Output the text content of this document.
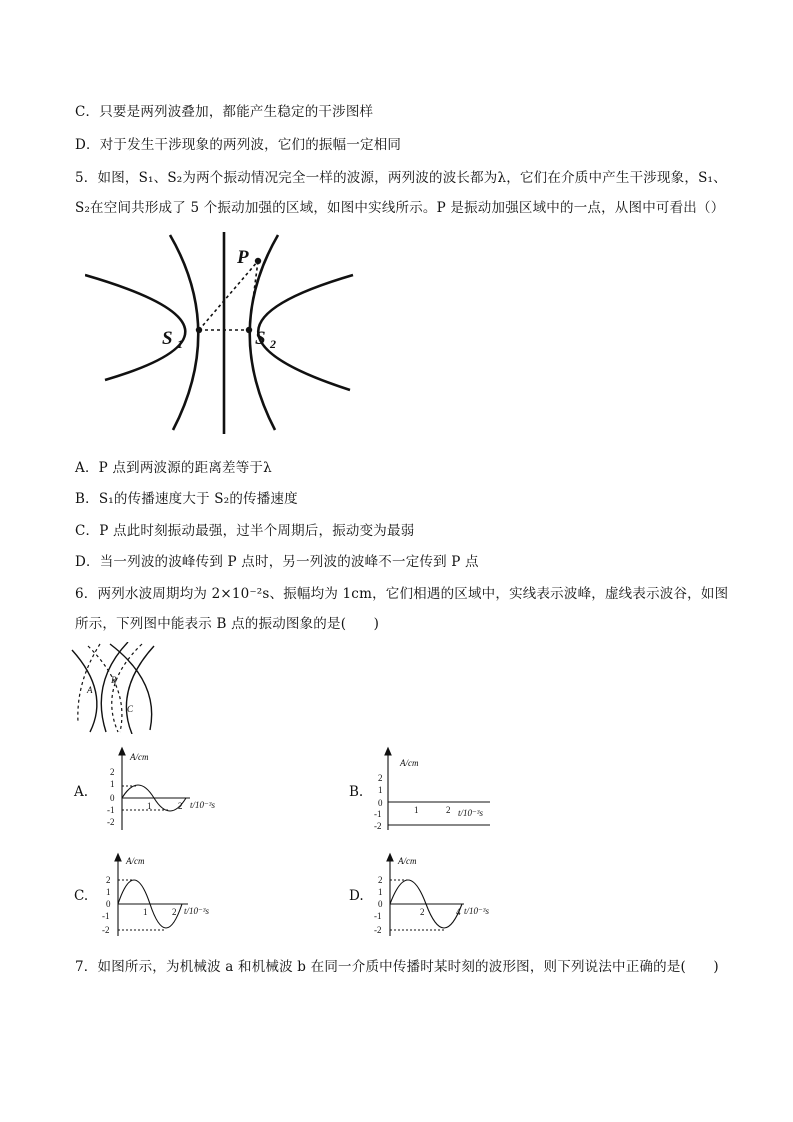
C．只要是两列波叠加，都能产生稳定的干涉图样
D．对于发生干涉现象的两列波，它们的振幅一定相同
5．如图，S₁、S₂为两个振动情况完全一样的波源，两列波的波长都为λ，它们在介质中产生干涉现象，S₁、
S₂在空间共形成了 5 个振动加强的区域，如图中实线所示。P 是振动加强区域中的一点，从图中可看出（）
P
S 1	S 2
A．P 点到两波源的距离差等于λ
B．S₁的传播速度大于 S₂的传播速度
C．P 点此时刻振动最强，过半个周期后，振动变为最弱
D．当一列波的波峰传到 P 点时，另一列波的波峰不一定传到 P 点
6．两列水波周期均为 2×10⁻²s、振幅均为 1cm，它们相遇的区域中，实线表示波峰，虚线表示波谷，如图
所示，下列图中能表示 B 点的振动图象的是(　　)
A
B
C
A.
A/cm
2
1
0
-1
-2
1	2 t/10⁻³s
B.
A/cm
2
1
0
-1
-2
1	2 t/10⁻³s
C.
A/cm
2
1
0
-1
-2
1	2 t/10⁻³s
D.
A/cm
2
1
0
-1
-2
2	4 t/10⁻³s
7．如图所示，为机械波 a 和机械波 b 在同一介质中传播时某时刻的波形图，则下列说法中正确的是(　　)
